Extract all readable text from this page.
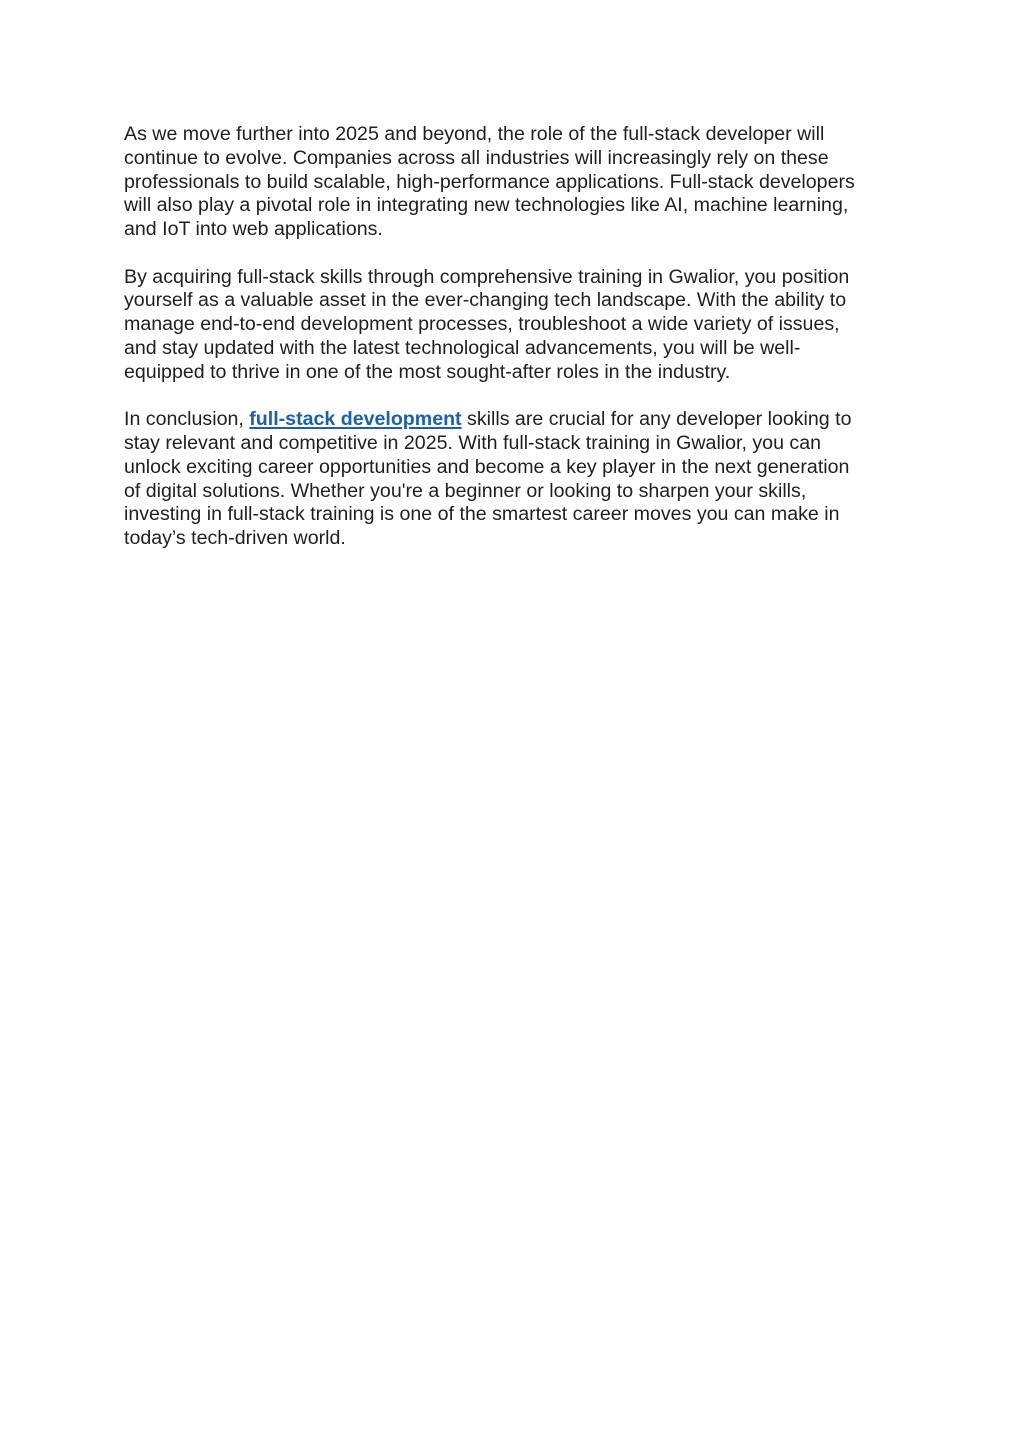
As we move further into 2025 and beyond, the role of the full-stack developer will
continue to evolve. Companies across all industries will increasingly rely on these
professionals to build scalable, high-performance applications. Full-stack developers
will also play a pivotal role in integrating new technologies like AI, machine learning,
and IoT into web applications.

By acquiring full-stack skills through comprehensive training in Gwalior, you position
yourself as a valuable asset in the ever-changing tech landscape. With the ability to
manage end-to-end development processes, troubleshoot a wide variety of issues,
and stay updated with the latest technological advancements, you will be well-
equipped to thrive in one of the most sought-after roles in the industry.

In conclusion, full-stack development skills are crucial for any developer looking to
stay relevant and competitive in 2025. With full-stack training in Gwalior, you can
unlock exciting career opportunities and become a key player in the next generation
of digital solutions. Whether you're a beginner or looking to sharpen your skills,
investing in full-stack training is one of the smartest career moves you can make in
today’s tech-driven world.
